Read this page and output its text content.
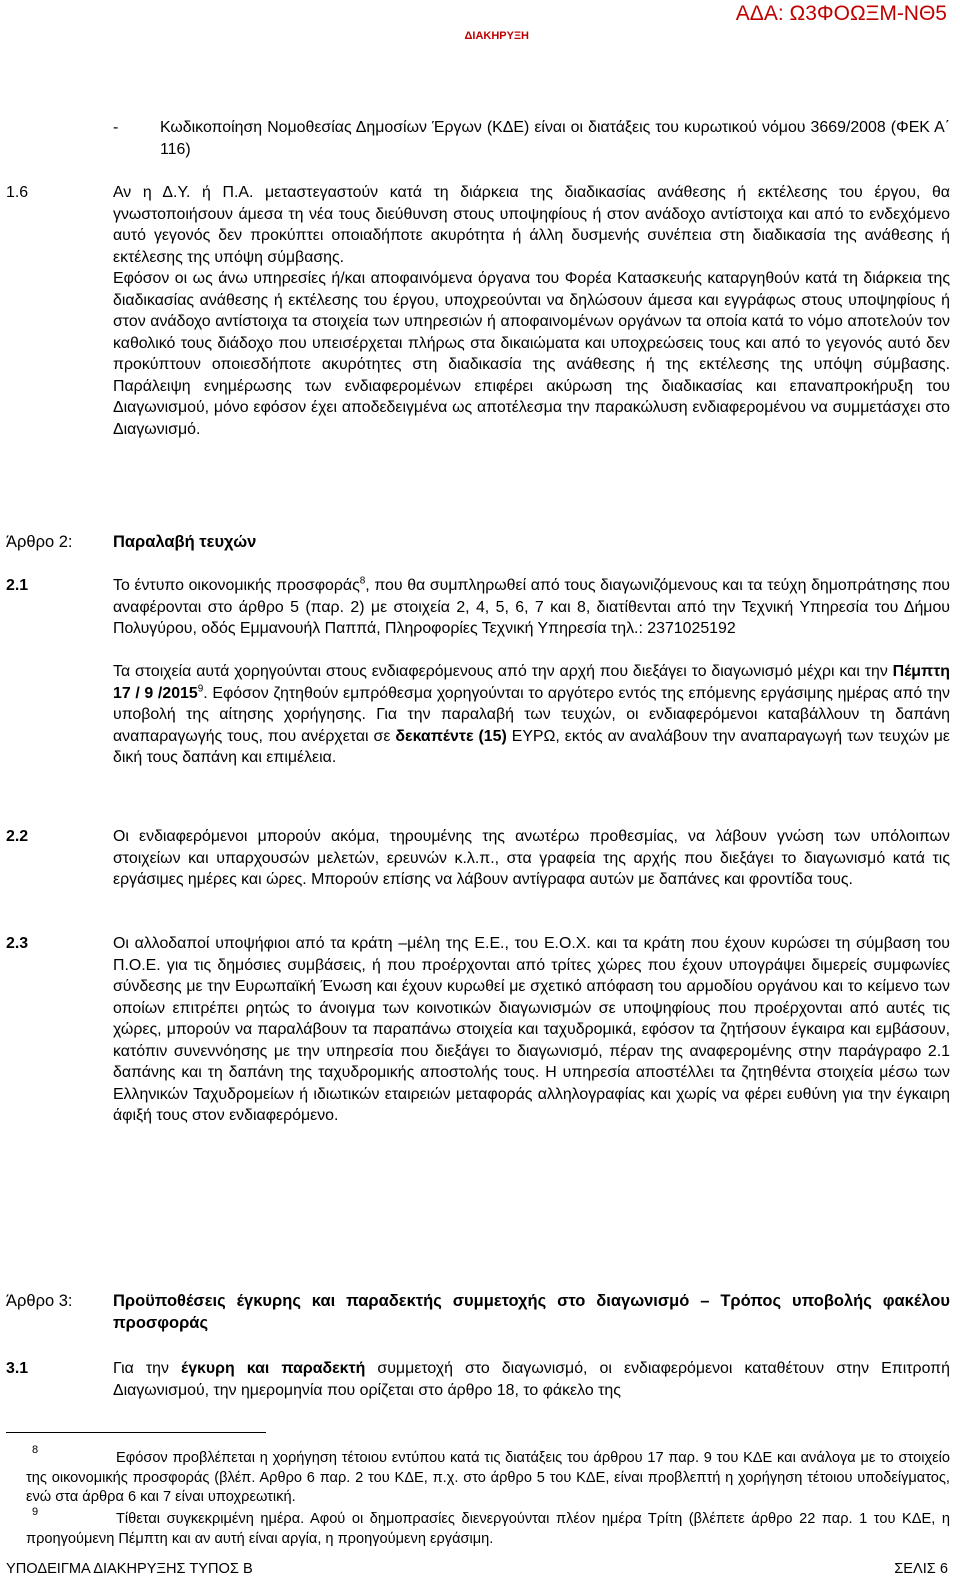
ΑΔΑ: Ω3ΦΟΩΞΜ-ΝΘ5
ΔΙΑΚΗΡΥΞΗ
-	Κωδικοποίηση Νομοθεσίας Δημοσίων Έργων (ΚΔΕ) είναι οι διατάξεις του κυρωτικού νόμου 3669/2008 (ΦΕΚ Α΄ 116)
1.6	Αν η Δ.Υ. ή Π.Α. μεταστεγαστούν κατά τη διάρκεια της διαδικασίας ανάθεσης ή εκτέλεσης του έργου, θα γνωστοποιήσουν άμεσα τη νέα τους διεύθυνση στους υποψηφίους ή στον ανάδοχο αντίστοιχα και από το ενδεχόμενο αυτό γεγονός δεν προκύπτει οποιαδήποτε ακυρότητα ή άλλη δυσμενής συνέπεια στη διαδικασία της ανάθεσης ή εκτέλεσης της υπόψη σύμβασης.
Εφόσον οι ως άνω υπηρεσίες ή/και αποφαινόμενα όργανα του Φορέα Κατασκευής καταργηθούν κατά τη διάρκεια της διαδικασίας ανάθεσης ή εκτέλεσης του έργου, υποχρεούνται να δηλώσουν άμεσα και εγγράφως στους υποψηφίους ή στον ανάδοχο αντίστοιχα τα στοιχεία των υπηρεσιών ή αποφαινομένων οργάνων τα οποία κατά το νόμο αποτελούν τον καθολικό τους διάδοχο που υπεισέρχεται πλήρως στα δικαιώματα και υποχρεώσεις τους και από το γεγονός αυτό δεν προκύπτουν οποιεσδήποτε ακυρότητες στη διαδικασία της ανάθεσης ή της εκτέλεσης της υπόψη σύμβασης. Παράλειψη ενημέρωσης των ενδιαφερομένων επιφέρει ακύρωση της διαδικασίας και επαναπροκήρυξη του Διαγωνισμού, μόνο εφόσον έχει αποδεδειγμένα ως αποτέλεσμα την παρακώλυση ενδιαφερομένου να συμμετάσχει στο Διαγωνισμό.
Άρθρο 2: Παραλαβή τευχών
2.1	Το έντυπο οικονομικής προσφοράς$^8$, που θα συμπληρωθεί από τους διαγωνιζόμενους και τα τεύχη δημοπράτησης που αναφέρονται στο άρθρο 5 (παρ. 2) με στοιχεία 2, 4, 5, 6, 7 και 8, διατίθενται από την Τεχνική Υπηρεσία του Δήμου Πολυγύρου, οδός Εμμανουήλ Παππά, Πληροφορίες Τεχνική Υπηρεσία τηλ.: 2371025192
Τα στοιχεία αυτά χορηγούνται στους ενδιαφερόμενους από την αρχή που διεξάγει το διαγωνισμό μέχρι και την Πέμπτη 17 / 9 /2015$^9$. Εφόσον ζητηθούν εμπρόθεσμα χορηγούνται το αργότερο εντός της επόμενης εργάσιμης ημέρας από την υποβολή της αίτησης χορήγησης. Για την παραλαβή των τευχών, οι ενδιαφερόμενοι καταβάλλουν τη δαπάνη αναπαραγωγής τους, που ανέρχεται σε δεκαπέντε (15) ΕΥΡΩ, εκτός αν αναλάβουν την αναπαραγωγή των τευχών με δική τους δαπάνη και επιμέλεια.
2.2	Οι ενδιαφερόμενοι μπορούν ακόμα, τηρουμένης της ανωτέρω προθεσμίας, να λάβουν γνώση των υπόλοιπων στοιχείων και υπαρχουσών μελετών, ερευνών κ.λ.π., στα γραφεία της αρχής που διεξάγει το διαγωνισμό κατά τις εργάσιμες ημέρες και ώρες. Μπορούν επίσης να λάβουν αντίγραφα αυτών με δαπάνες και φροντίδα τους.
2.3	Οι αλλοδαποί υποψήφιοι από τα κράτη –μέλη της Ε.Ε., του Ε.Ο.Χ. και τα κράτη που έχουν κυρώσει τη σύμβαση του Π.Ο.Ε. για τις δημόσιες συμβάσεις, ή που προέρχονται από τρίτες χώρες που έχουν υπογράψει διμερείς συμφωνίες σύνδεσης με την Ευρωπαϊκή Ένωση και έχουν κυρωθεί με σχετικό απόφαση του αρμοδίου οργάνου και το κείμενο των οποίων επιτρέπει ρητώς το άνοιγμα των κοινοτικών διαγωνισμών σε υποψηφίους που προέρχονται από αυτές τις χώρες, μπορούν να παραλάβουν τα παραπάνω στοιχεία και ταχυδρομικά, εφόσον τα ζητήσουν έγκαιρα και εμβάσουν, κατόπιν συνεννόησης με την υπηρεσία που διεξάγει το διαγωνισμό, πέραν της αναφερομένης στην παράγραφο 2.1 δαπάνης και τη δαπάνη της ταχυδρομικής αποστολής τους. Η υπηρεσία αποστέλλει τα ζητηθέντα στοιχεία μέσω των Ελληνικών Ταχυδρομείων ή ιδιωτικών εταιρειών μεταφοράς αλληλογραφίας και χωρίς να φέρει ευθύνη για την έγκαιρη άφιξή τους στον ενδιαφερόμενο.
Άρθρο 3: Προϋποθέσεις έγκυρης και παραδεκτής συμμετοχής στο διαγωνισμό – Τρόπος υποβολής φακέλου προσφοράς
3.1	Για την έγκυρη και παραδεκτή συμμετοχή στο διαγωνισμό, οι ενδιαφερόμενοι καταθέτουν στην Επιτροπή Διαγωνισμού, την ημερομηνία που ορίζεται στο άρθρο 18, το φάκελο της
8	Εφόσον προβλέπεται η χορήγηση τέτοιου εντύπου κατά τις διατάξεις του άρθρου 17 παρ. 9 του ΚΔΕ και ανάλογα με το στοιχείο της οικονομικής προσφοράς (βλέπ. Αρθρο 6 παρ. 2 του ΚΔΕ, π.χ. στο άρθρο 5 του ΚΔΕ, είναι προβλεπτή η χορήγηση τέτοιου υποδείγματος, ενώ στα άρθρα 6 και 7 είναι υποχρεωτική.
9	Τίθεται συγκεκριμένη ημέρα. Αφού οι δημοπρασίες διενεργούνται πλέον ημέρα Τρίτη (βλέπετε άρθρο 22 παρ. 1 του ΚΔΕ, η προηγούμενη Πέμπτη και αν αυτή είναι αργία, η προηγούμενη εργάσιμη.
ΥΠΟΔΕΙΓΜΑ ΔΙΑΚΗΡΥΞΗΣ ΤΥΠΟΣ Β	ΣΕΛΙΣ 6
